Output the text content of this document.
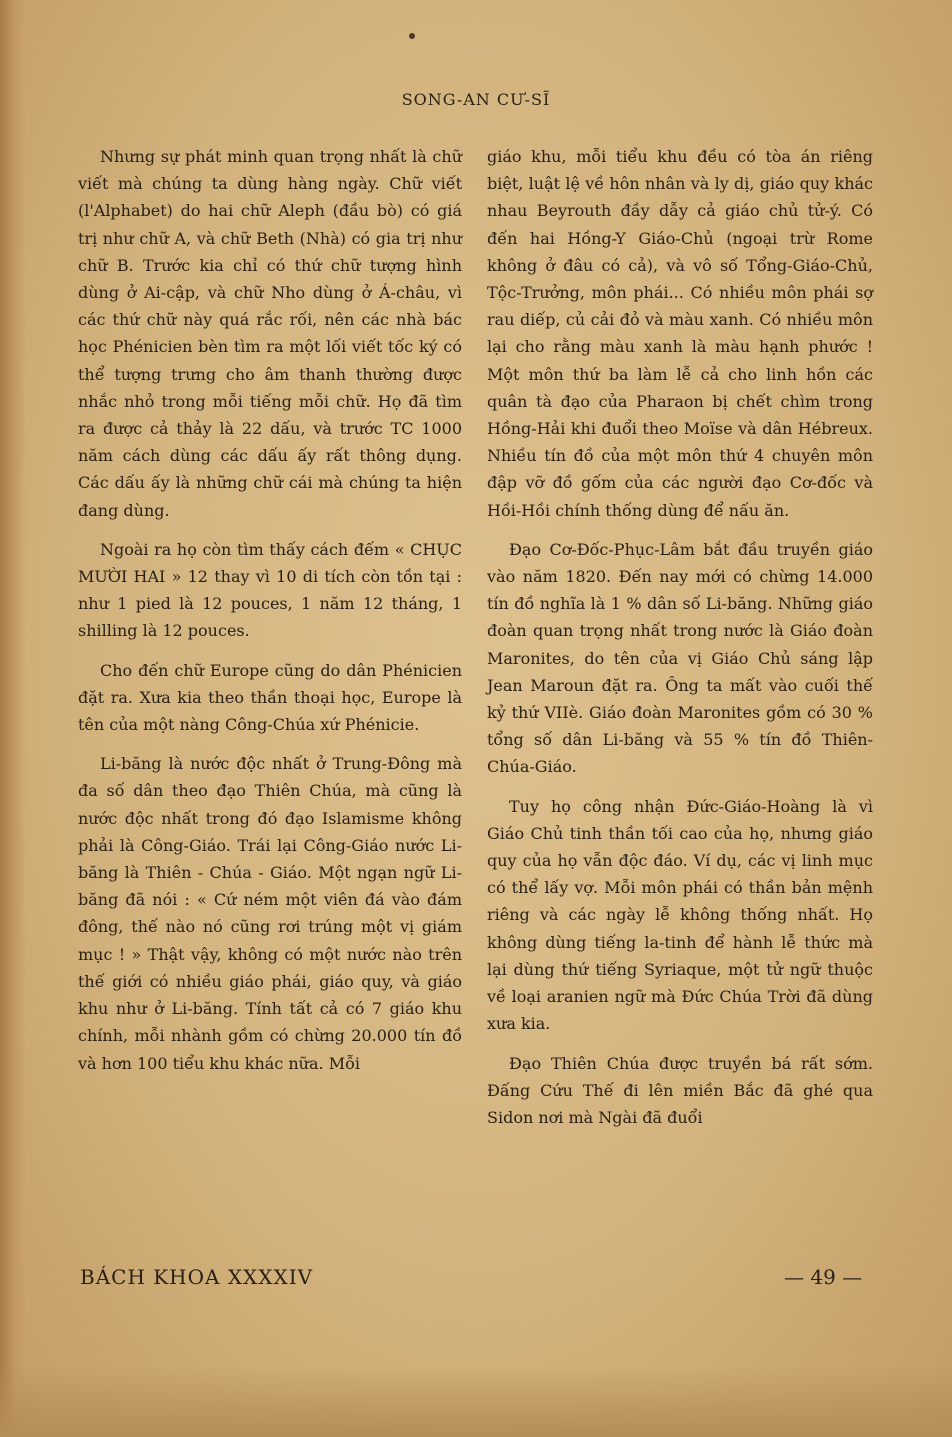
SONG-AN CƯ-SĨ

Nhưng sự phát minh quan trọng nhất là chữ viết mà chúng ta dùng hàng ngày. Chữ viết (l'Alphabet) do hai chữ Aleph (đầu bò) có giá trị như chữ A, và chữ Beth (Nhà) có gia trị như chữ B. Trước kia chỉ có thứ chữ tượng hình dùng ở Ai-cập, và chữ Nho dùng ở Á-châu, vì các thứ chữ này quá rắc rối, nên các nhà bác học Phénicien bèn tìm ra một lối viết tốc ký có thể tượng trưng cho âm thanh thường được nhắc nhỏ trong mỗi tiếng mỗi chữ. Họ đã tìm ra được cả thảy là 22 dấu, và trước TC 1000 năm cách dùng các dấu ấy rất thông dụng. Các dấu ấy là những chữ cái mà chúng ta hiện đang dùng.

Ngoài ra họ còn tìm thấy cách đếm « CHỤC MƯỜI HAI » 12 thay vì 10 di tích còn tồn tại : như 1 pied là 12 pouces, 1 năm 12 tháng, 1 shilling là 12 pouces.

Cho đến chữ Europe cũng do dân Phénicien đặt ra. Xưa kia theo thần thoại học, Europe là tên của một nàng Công-Chúa xứ Phénicie.

Li-băng là nước độc nhất ở Trung-Đông mà đa số dân theo đạo Thiên Chúa, mà cũng là nước độc nhất trong đó đạo Islamisme không phải là Công-Giáo. Trái lại Công-Giáo nước Li-băng là Thiên - Chúa - Giáo. Một ngạn ngữ Li-băng đã nói : « Cứ ném một viên đá vào đám đông, thế nào nó cũng rơi trúng một vị giám mục ! » Thật vậy, không có một nước nào trên thế giới có nhiều giáo phái, giáo quy, và giáo khu như ở Li-băng. Tính tất cả có 7 giáo khu chính, mỗi nhành gồm có chừng 20.000 tín đồ và hơn 100 tiểu khu khác nữa. Mỗi

giáo khu, mỗi tiểu khu đều có tòa án riêng biệt, luật lệ về hôn nhân và ly dị, giáo quy khác nhau Beyrouth đầy dẫy cả giáo chủ tử-ý. Có đến hai Hồng-Y Giáo-Chủ (ngoại trừ Rome không ở đâu có cả), và vô số Tổng-Giáo-Chủ, Tộc-Trưởng, môn phái... Có nhiều môn phái sợ rau diếp, củ cải đỏ và màu xanh. Có nhiều môn lại cho rằng màu xanh là màu hạnh phước ! Một môn thứ ba làm lễ cả cho linh hồn các quân tà đạo của Pharaon bị chết chìm trong Hồng-Hải khi đuổi theo Moïse và dân Hébreux. Nhiều tín đồ của một môn thứ 4 chuyên môn đập vỡ đồ gốm của các người đạo Cơ-đốc và Hồi-Hồi chính thống dùng để nấu ăn.

Đạo Cơ-Đốc-Phục-Lâm bắt đầu truyền giáo vào năm 1820. Đến nay mới có chừng 14.000 tín đồ nghĩa là 1 % dân số Li-băng. Những giáo đoàn quan trọng nhất trong nước là Giáo đoàn Maronites, do tên của vị Giáo Chủ sáng lập Jean Maroun đặt ra. Ông ta mất vào cuối thế kỷ thứ VIIè. Giáo đoàn Maronites gồm có 30 % tổng số dân Li-băng và 55 % tín đồ Thiên-Chúa-Giáo.

Tuy họ công nhận Đức-Giáo-Hoàng là vì Giáo Chủ tinh thần tối cao của họ, nhưng giáo quy của họ vẫn độc đáo. Ví dụ, các vị linh mục có thể lấy vợ. Mỗi môn phái có thần bản mệnh riêng và các ngày lễ không thống nhất. Họ không dùng tiếng la-tinh để hành lễ thức mà lại dùng thứ tiếng Syriaque, một tử ngữ thuộc về loại aranien ngữ mà Đức Chúa Trời đã dùng xưa kia.

Đạo Thiên Chúa được truyền bá rất sớm. Đấng Cứu Thế đi lên miền Bắc đã ghé qua Sidon nơi mà Ngài đã đuổi

BÁCH KHOA XXXXIV	— 49 —
